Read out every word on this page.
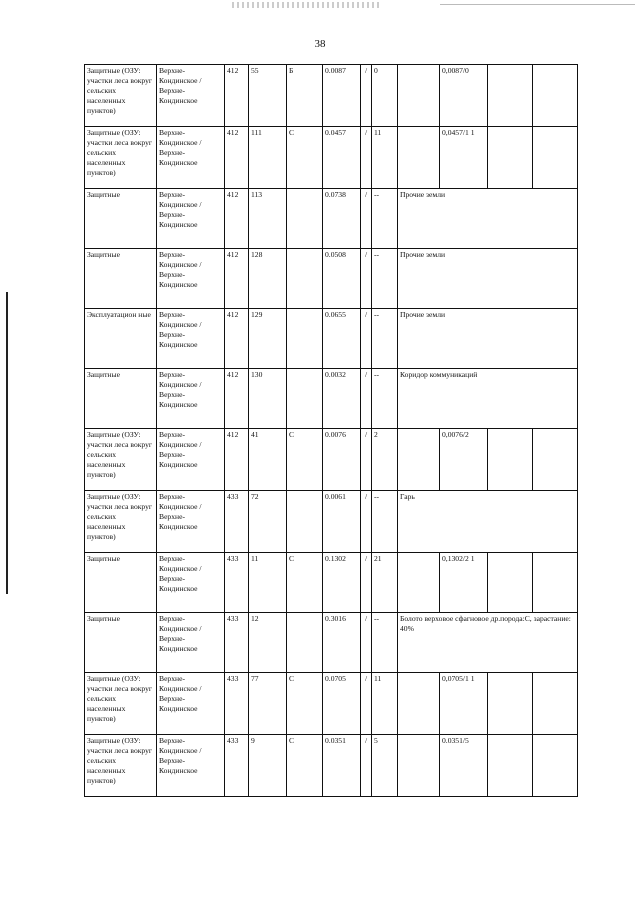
38
Защитные (ОЗУ: участки леса вокруг сельских населенных пунктов)	Верхне-Кондинское / Верхне-Кондинское	412	55	Б	0.0087	/	0		0,0087/0		
Защитные (ОЗУ: участки леса вокруг сельских населенных пунктов)	Верхне-Кондинское / Верхне-Кондинское	412	111	С	0.0457	/	11		0,0457/1 1		
Защитные	Верхне-Кондинское / Верхне-Кондинское	412	113		0.0738	/	--	Прочие земли			
Защитные	Верхне-Кондинское / Верхне-Кондинское	412	128		0.0508	/	--	Прочие земли			
Эксплуатацион ные	Верхне-Кондинское / Верхне-Кондинское	412	129		0.0655	/	--	Прочие земли			
Защитные	Верхне-Кондинское / Верхне-Кондинское	412	130		0.0032	/	--	Коридор коммуникаций			
Защитные (ОЗУ: участки леса вокруг сельских населенных пунктов)	Верхне-Кондинское / Верхне-Кондинское	412	41	С	0.0076	/	2		0,0076/2		
Защитные (ОЗУ: участки леса вокруг сельских населенных пунктов)	Верхне-Кондинское / Верхне-Кондинское	433	72		0.0061	/	--	Гарь			
Защитные	Верхне-Кондинское / Верхне-Кондинское	433	11	С	0.1302	/	21		0,1302/2 1		
Защитные	Верхне-Кондинское / Верхне-Кондинское	433	12		0.3016	/	--	Болото верховое сфагновое др.порода:С, зарастание: 40%			
Защитные (ОЗУ: участки леса вокруг сельских населенных пунктов)	Верхне-Кондинское / Верхне-Кондинское	433	77	С	0.0705	/	11		0,0705/1 1		
Защитные (ОЗУ: участки леса вокруг сельских населенных пунктов)	Верхне-Кондинское / Верхне-Кондинское	433	9	С	0.0351	/	5		0.0351/5		
